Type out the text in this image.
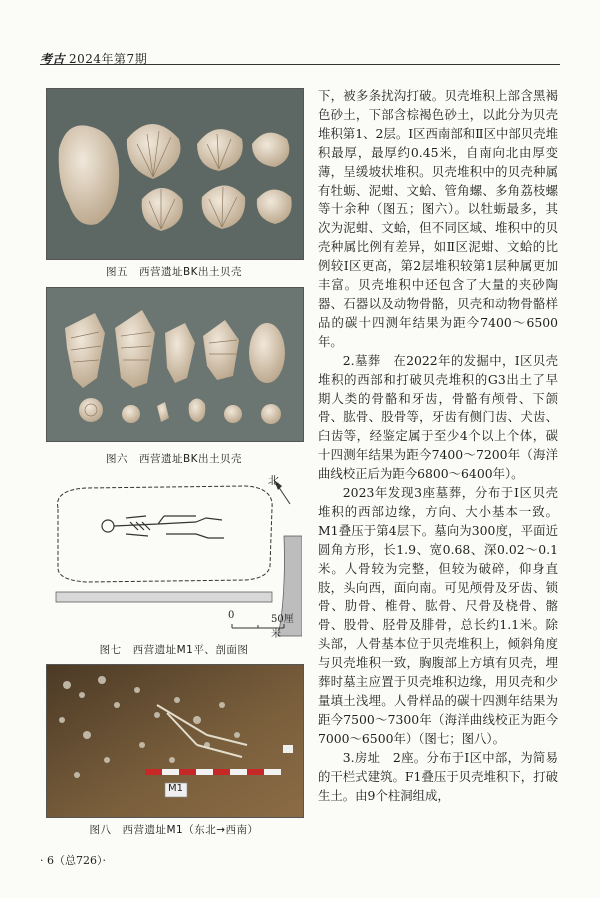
考古 2024年第7期
图五　西营遗址BK出土贝壳
图六　西营遗址BK出土贝壳
北
0	50厘米
图七　西营遗址M1平、剖面图
M1
图八　西营遗址M1（东北→西南）

下，被多条扰沟打破。贝壳堆积上部含黑褐色砂土，下部含棕褐色砂土，以此分为贝壳堆积第1、2层。Ⅰ区西南部和Ⅱ区中部贝壳堆积最厚，最厚约0.45米，自南向北由厚变薄，呈缓坡状堆积。贝壳堆积中的贝壳种属有牡蛎、泥蚶、文蛤、管角螺、多角荔枝螺等十余种（图五；图六）。以牡蛎最多，其次为泥蚶、文蛤，但不同区域、堆积中的贝壳种属比例有差异，如Ⅱ区泥蚶、文蛤的比例较Ⅰ区更高，第2层堆积较第1层种属更加丰富。贝壳堆积中还包含了大量的夹砂陶器、石器以及动物骨骼，贝壳和动物骨骼样品的碳十四测年结果为距今7400～6500年。

2.墓葬　在2022年的发掘中，Ⅰ区贝壳堆积的西部和打破贝壳堆积的G3出土了早期人类的骨骼和牙齿，骨骼有颅骨、下颌骨、肱骨、股骨等，牙齿有侧门齿、犬齿、臼齿等，经鉴定属于至少4个以上个体，碳十四测年结果为距今7400～7200年（海洋曲线校正后为距今6800～6400年）。

2023年发现3座墓葬，分布于Ⅰ区贝壳堆积的西部边缘，方向、大小基本一致。M1叠压于第4层下。墓向为300度，平面近圆角方形，长1.9、宽0.68、深0.02～0.1米。人骨较为完整，但较为破碎，仰身直肢，头向西，面向南。可见颅骨及牙齿、锁骨、肋骨、椎骨、肱骨、尺骨及桡骨、髂骨、股骨、胫骨及腓骨，总长约1.1米。除头部，人骨基本位于贝壳堆积上，倾斜角度与贝壳堆积一致，胸腹部上方填有贝壳，埋葬时墓主应置于贝壳堆积边缘，用贝壳和少量填土浅埋。人骨样品的碳十四测年结果为距今7500～7300年（海洋曲线校正为距今7000～6500年）（图七；图八）。

3.房址　2座。分布于Ⅰ区中部，为简易的干栏式建筑。F1叠压于贝壳堆积下，打破生土。由9个柱洞组成，

· 6（总726）·
